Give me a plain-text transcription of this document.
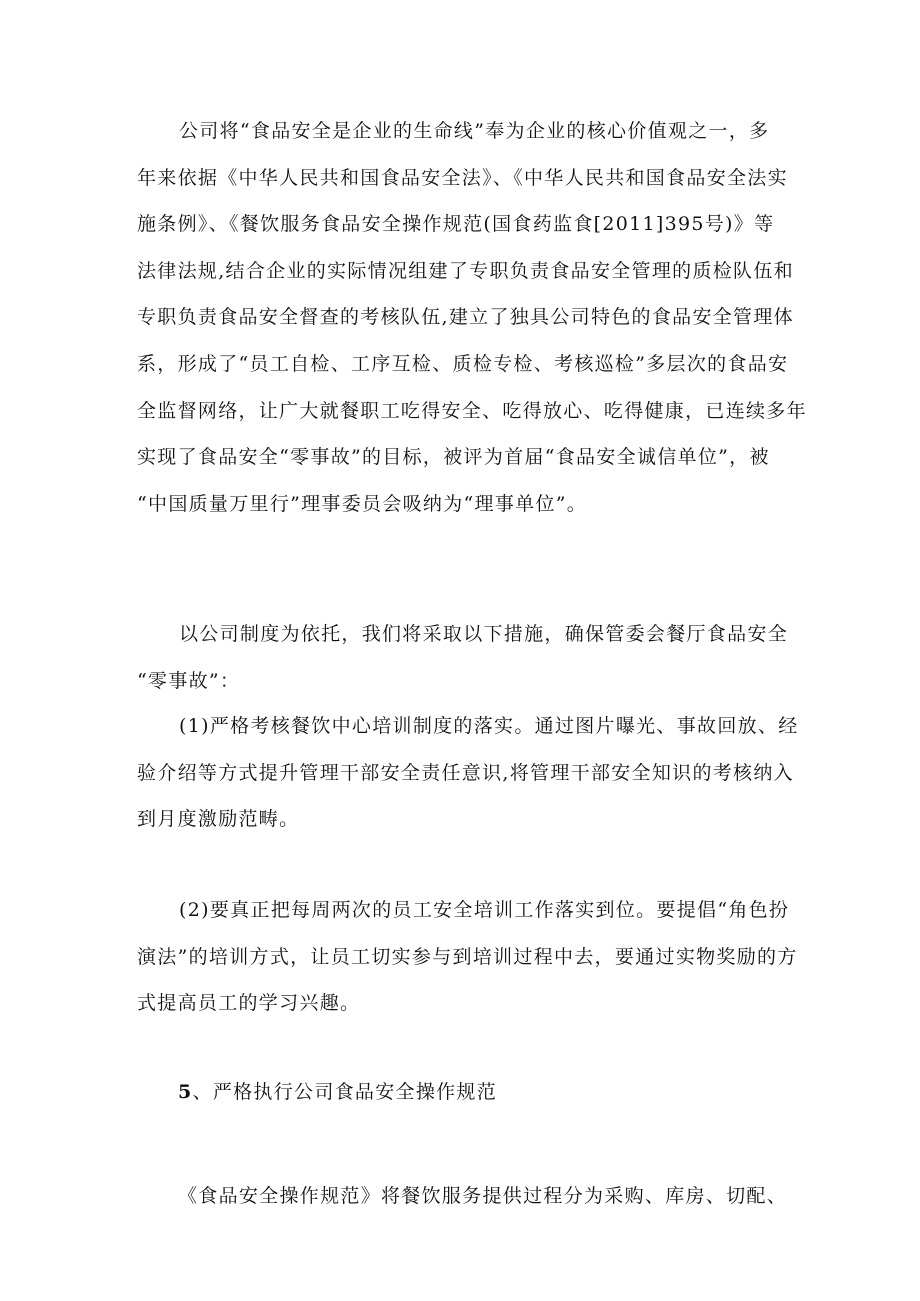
公司将“食品安全是企业的生命线”奉为企业的核心价值观之一，多
年来依据《中华人民共和国食品安全法》、《中华人民共和国食品安全法实
施条例》、《餐饮服务食品安全操作规范(国食药监食[2011]395号)》等
法律法规,结合企业的实际情况组建了专职负责食品安全管理的质检队伍和
专职负责食品安全督查的考核队伍,建立了独具公司特色的食品安全管理体
系，形成了“员工自检、工序互检、质检专检、考核巡检”多层次的食品安
全监督网络，让广大就餐职工吃得安全、吃得放心、吃得健康，已连续多年
实现了食品安全“零事故”的目标，被评为首届“食品安全诚信单位”，被
“中国质量万里行”理事委员会吸纳为“理事单位”。

以公司制度为依托，我们将采取以下措施，确保管委会餐厅食品安全
“零事故”：

(1)严格考核餐饮中心培训制度的落实。通过图片曝光、事故回放、经
验介绍等方式提升管理干部安全责任意识,将管理干部安全知识的考核纳入
到月度激励范畴。

(2)要真正把每周两次的员工安全培训工作落实到位。要提倡“角色扮
演法”的培训方式，让员工切实参与到培训过程中去，要通过实物奖励的方
式提高员工的学习兴趣。

5、严格执行公司食品安全操作规范

《食品安全操作规范》将餐饮服务提供过程分为采购、库房、切配、
